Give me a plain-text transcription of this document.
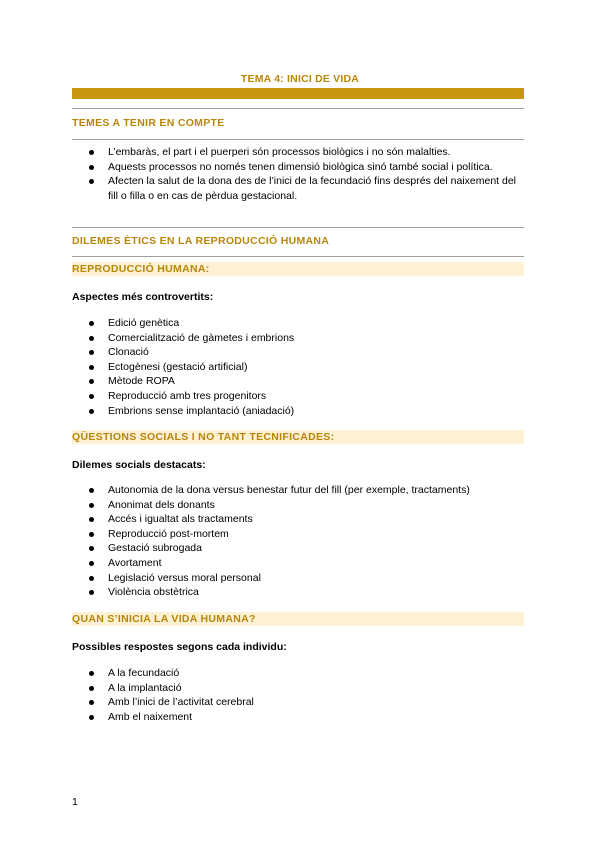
TEMA 4: INICI DE VIDA
TEMES A TENIR EN COMPTE
L’embaràs, el part i el puerperi són processos biològics i no són malalties.
Aquests processos no només tenen dimensió biològica sinó també social i política.
Afecten la salut de la dona des de l’inici de la fecundació fins després del naixement del fill o filla o en cas de pèrdua gestacional.
DILEMES ÈTICS EN LA REPRODUCCIÓ HUMANA
REPRODUCCIÓ HUMANA:
Aspectes més controvertits:
Edició genètica
Comercialització de gàmetes i embrions
Clonació
Ectogènesi (gestació artificial)
Mètode ROPA
Reproducció amb tres progenitors
Embrions sense implantació (aniadació)
QÜESTIONS SOCIALS I NO TANT TECNIFICADES:
Dilemes socials destacats:
Autonomia de la dona versus benestar futur del fill (per exemple, tractaments)
Anonimat dels donants
Accés i igualtat als tractaments
Reproducció post-mortem
Gestació subrogada
Avortament
Legislació versus moral personal
Violència obstètrica
QUAN S’INICIA LA VIDA HUMANA?
Possibles respostes segons cada individu:
A la fecundació
A la implantació
Amb l’inici de l’activitat cerebral
Amb el naixement
1
